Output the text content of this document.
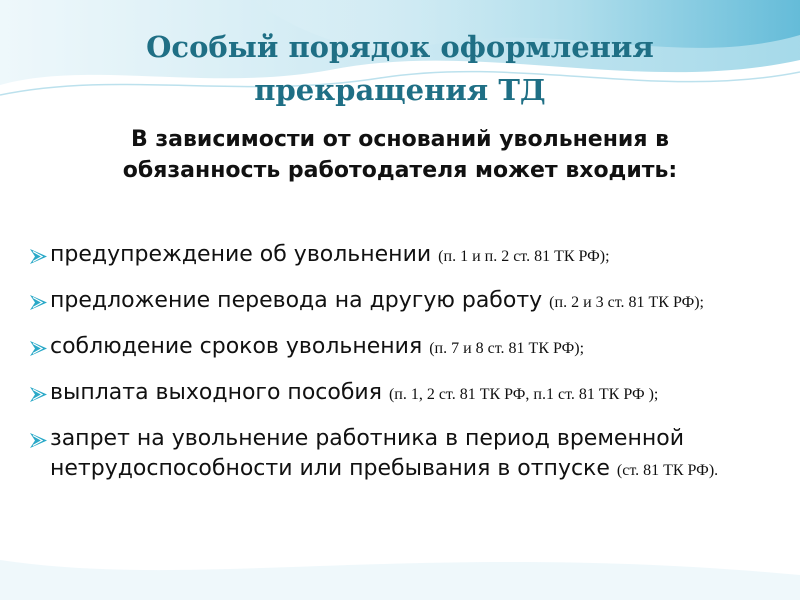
Особый порядок оформления
прекращения ТД
В зависимости от оснований увольнения в
обязанность работодателя может входить:
предупреждение об увольнении (п. 1 и п. 2 ст. 81 ТК РФ);
предложение перевода на другую работу (п. 2 и 3 ст. 81 ТК РФ);
соблюдение сроков увольнения (п. 7 и 8 ст. 81 ТК РФ);
выплата выходного пособия (п. 1, 2 ст. 81 ТК РФ, п.1 ст. 81 ТК РФ );
запрет на увольнение работника в период временной нетрудоспособности или пребывания в отпуске (ст. 81 ТК РФ).
